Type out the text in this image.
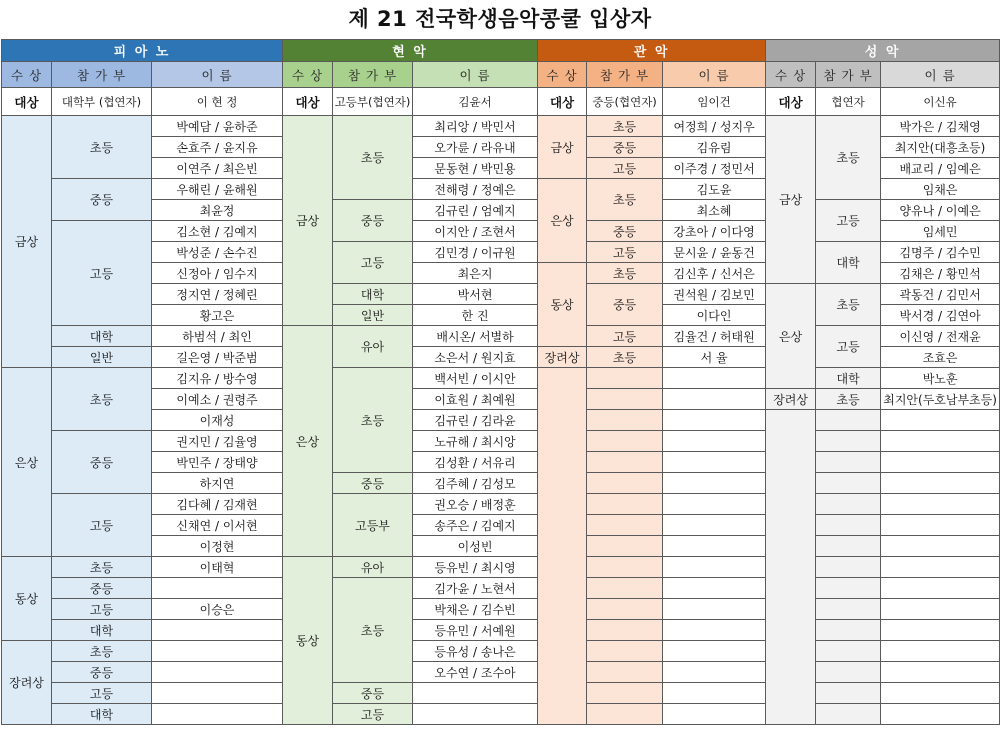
제 21 전국학생음악콩쿨 입상자
피 아 노			현 악			관 악			성 악		
수 상	참 가 부	이 름	수 상	참 가 부	이 름	수 상	참 가 부	이 름	수 상	참 가 부	이 름
대상	대학부 (협연자)	이 현 정	대상	고등부(협연자)	김윤서	대상	중등(협연자)	임이건	대상	협연자	이신유
금상	초등	박예담 / 윤하준	금상	초등	최리앙 / 박민서	금상	초등	여정희 / 성지우	금상	초등	박가은 / 김채영
		손효주 / 윤지유			오가륜 / 라유내		중등	김유림			최지안(대흥초등)
		이연주 / 최은빈			문동현 / 박민용		고등	이주경 / 정민서			배교리 / 임예은
	중등	우해린 / 윤해원			전해령 / 정예은	은상	초등	김도윤			임채은
		최윤정		중등	김규린 / 엄예지			최소혜		고등	양유나 / 이예은
	고등	김소현 / 김예지			이지안 / 조현서		중등	강초아 / 이다영			임세민
		박성준 / 손수진		고등	김민경 / 이규원		고등	문시윤 / 윤동건		대학	김명주 / 김수민
		신정아 / 임수지			최은지	동상	초등	김신후 / 신서은			김채은 / 황민석
		정지연 / 정혜린		대학	박서현		중등	권석원 / 김보민	은상	초등	곽동건 / 김민서
		황고은		일반	한 진			이다인			박서경 / 김연아
	대학	하범석 / 최인	은상	유아	배시온/ 서별하		고등	김율건 / 허태원		고등	이신영 / 전재윤
	일반	길은영 / 박준범			소은서 / 원지효	장려상	초등	서 율			조효은
은상	초등	김지유 / 방수영		초등	백서빈 / 이시안					대학	박노훈
		이예소 / 권령주			이효원 / 최예원				장려상	초등	최지안(두호남부초등)
		이재성			김규린 / 김라윤						
	중등	권지민 / 김율영			노규해 / 최시앙						
		박민주 / 장태양			김성환 / 서유리						
		하지연		중등	김주혜 / 김성모						
	고등	김다혜 / 김재현		고등부	권오승 / 배정훈						
		신채연 / 이서현			송주은 / 김예지						
		이정현			이성빈						
동상	초등	이태혁	동상	유아	등유빈 / 최시영						
	중등			초등	김가윤 / 노현서						
	고등	이승은			박채은 / 김수빈						
	대학				등유민 / 서예원						
장려상	초등				등유성 / 송나은						
	중등				오수연 / 조수아						
	고등			중등							
	대학			고등							
